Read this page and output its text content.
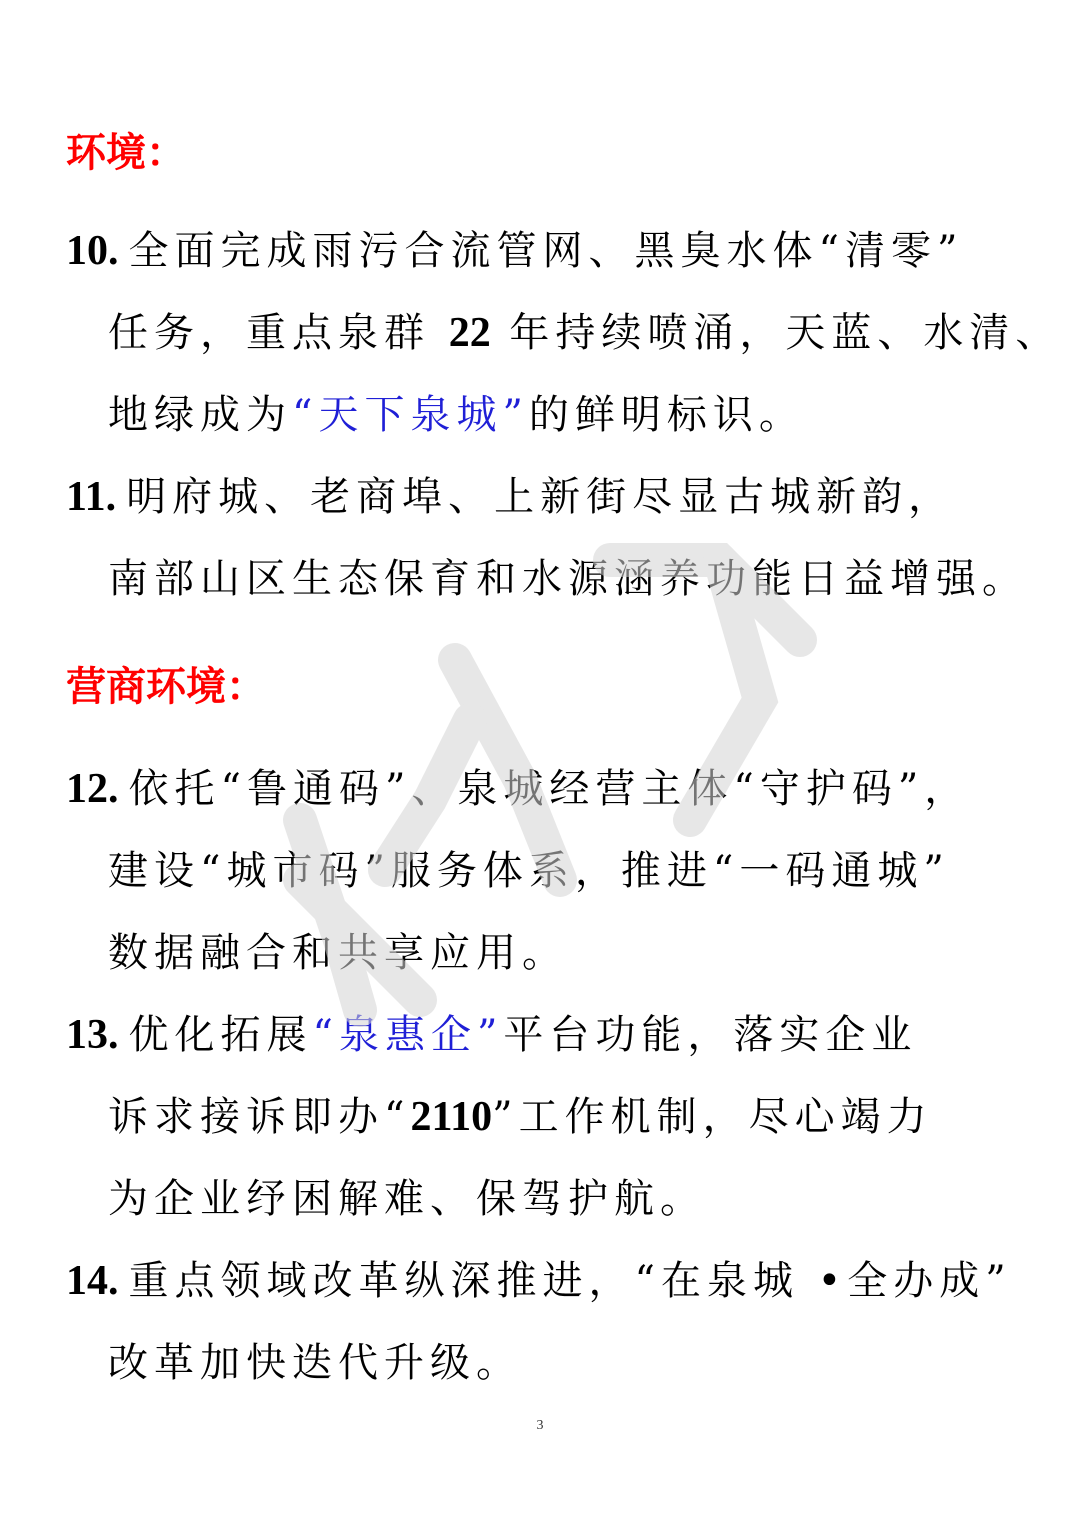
环境：

10. 全面完成雨污合流管网、黑臭水体“清零”

任务，重点泉群 22 年持续喷涌，天蓝、水清、

地绿成为“天下泉城”的鲜明标识。

11. 明府城、老商埠、上新街尽显古城新韵，

南部山区生态保育和水源涵养功能日益增强。

营商环境：

12. 依托“鲁通码”、泉城经营主体“守护码”，

建设“城市码”服务体系，推进“一码通城”

数据融合和共享应用。

13. 优化拓展“泉惠企”平台功能，落实企业

诉求接诉即办“2110”工作机制，尽心竭力

为企业纾困解难、保驾护航。

14. 重点领域改革纵深推进，“在泉城 •全办成”

改革加快迭代升级。

3
